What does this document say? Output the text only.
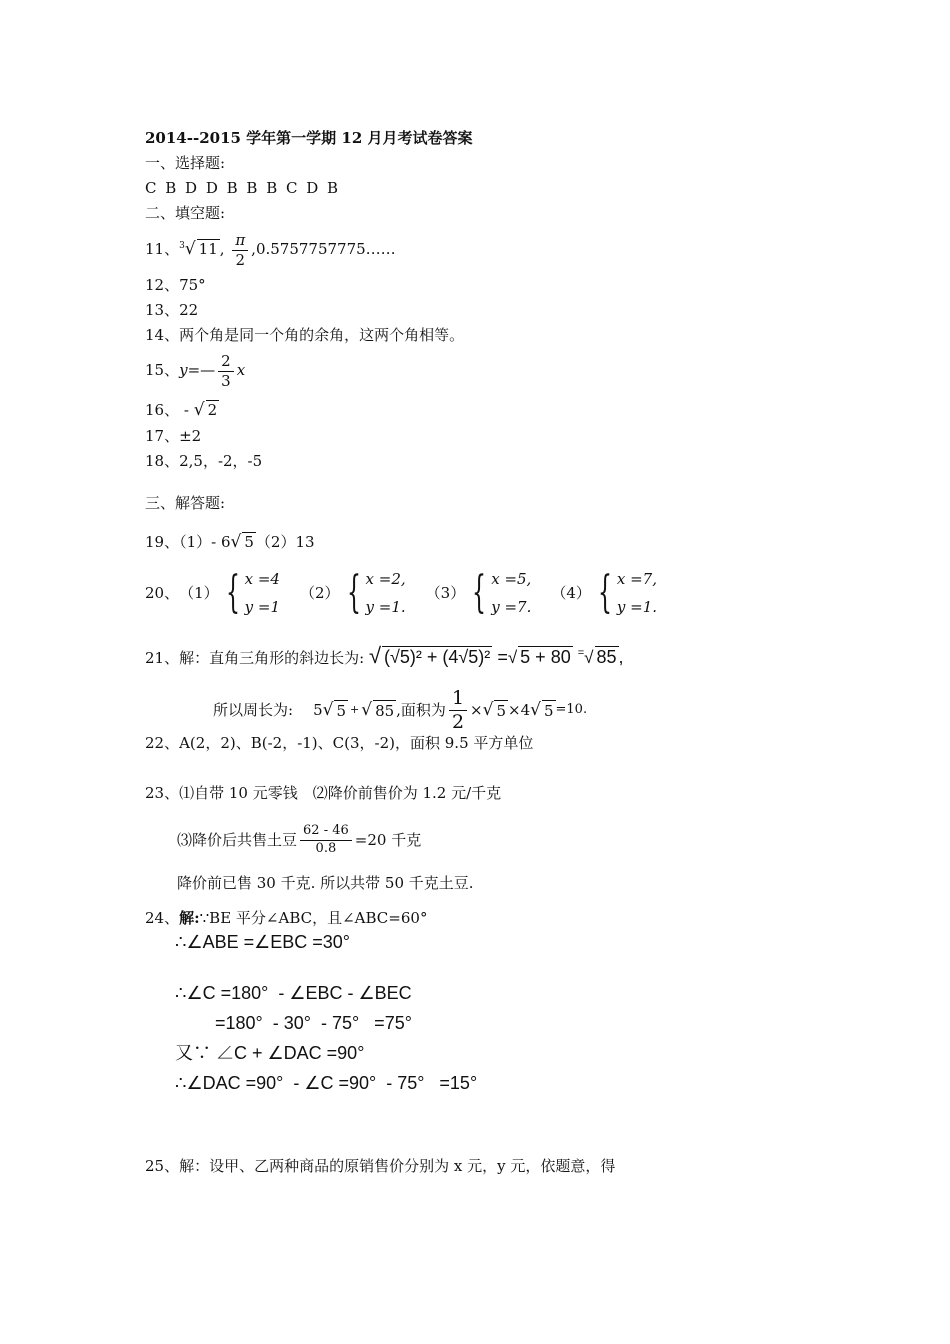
2014--2015 学年第一学期 12 月月考试卷答案
一、选择题:
C B D D B B B C D B
二、填空题:
11、$^3$√ 11 , $\frac{\pi}{2}$ ,0.5757757775……
12、75°
13、22
14、两个角是同一个角的余角，这两个角相等。
15、y=— $\frac{2}{3}$ x
16、 - √ 2
17、±2
18、2,5，-2，-5
三、解答题:
19、（1）- 6√ 5 （2）13
20、 （1） { x =4
y =1
（2） { x =2,
y =1.
（3） { x =5,
y =7.
（4） { x =7,
y =1.
21、解：直角三角形的斜边长为: √ (√5)² + (4√5)² =√ 5 + 80 =√ 85 ,
所以周长为: 5 √ 5 + √ 85 ,面积为 $\frac{1}{2}$ × √ 5 ×4 √ 5 =10.
22、A(2，2)、B(-2，-1)、C(3，-2)，面积 9.5 平方单位
23、⑴自带 10 元零钱　⑵降价前售价为 1.2 元/千克
⑶降价后共售土豆 $\frac{62 - 46}{0.8} =20$ 千克
降价前已售 30 千克. 所以共带 50 千克土豆.
24、解:∵BE 平分∠ABC，且∠ABC=60°
∴∠ABE =∠EBC =30°
∴∠C =180°  - ∠EBC - ∠BEC
=180°  - 30°  - 75°   =75°
又∵ ∠C + ∠DAC =90°
∴∠DAC =90°  - ∠C =90°  - 75°   =15°
25、解：设甲、乙两种商品的原销售价分别为 x 元，y 元，依题意，得
